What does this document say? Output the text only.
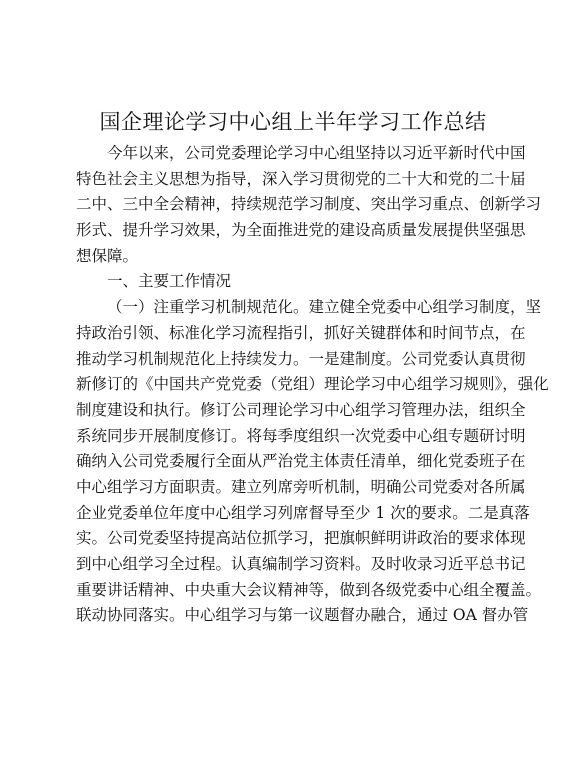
国企理论学习中心组上半年学习工作总结
今年以来，公司党委理论学习中心组坚持以习近平新时代中国
特色社会主义思想为指导，深入学习贯彻党的二十大和党的二十届
二中、三中全会精神，持续规范学习制度、突出学习重点、创新学习
形式、提升学习效果，为全面推进党的建设高质量发展提供坚强思
想保障。
一、主要工作情况
（一）注重学习机制规范化。建立健全党委中心组学习制度，坚
持政治引领、标准化学习流程指引，抓好关键群体和时间节点，在
推动学习机制规范化上持续发力。一是建制度。公司党委认真贯彻
新修订的《中国共产党党委（党组）理论学习中心组学习规则》，强化
制度建设和执行。修订公司理论学习中心组学习管理办法，组织全
系统同步开展制度修订。将每季度组织一次党委中心组专题研讨明
确纳入公司党委履行全面从严治党主体责任清单，细化党委班子在
中心组学习方面职责。建立列席旁听机制，明确公司党委对各所属
企业党委单位年度中心组学习列席督导至少 1 次的要求。二是真落
实。公司党委坚持提高站位抓学习，把旗帜鲜明讲政治的要求体现
到中心组学习全过程。认真编制学习资料。及时收录习近平总书记
重要讲话精神、中央重大会议精神等，做到各级党委中心组全覆盖。
联动协同落实。中心组学习与第一议题督办融合，通过 OA 督办管
